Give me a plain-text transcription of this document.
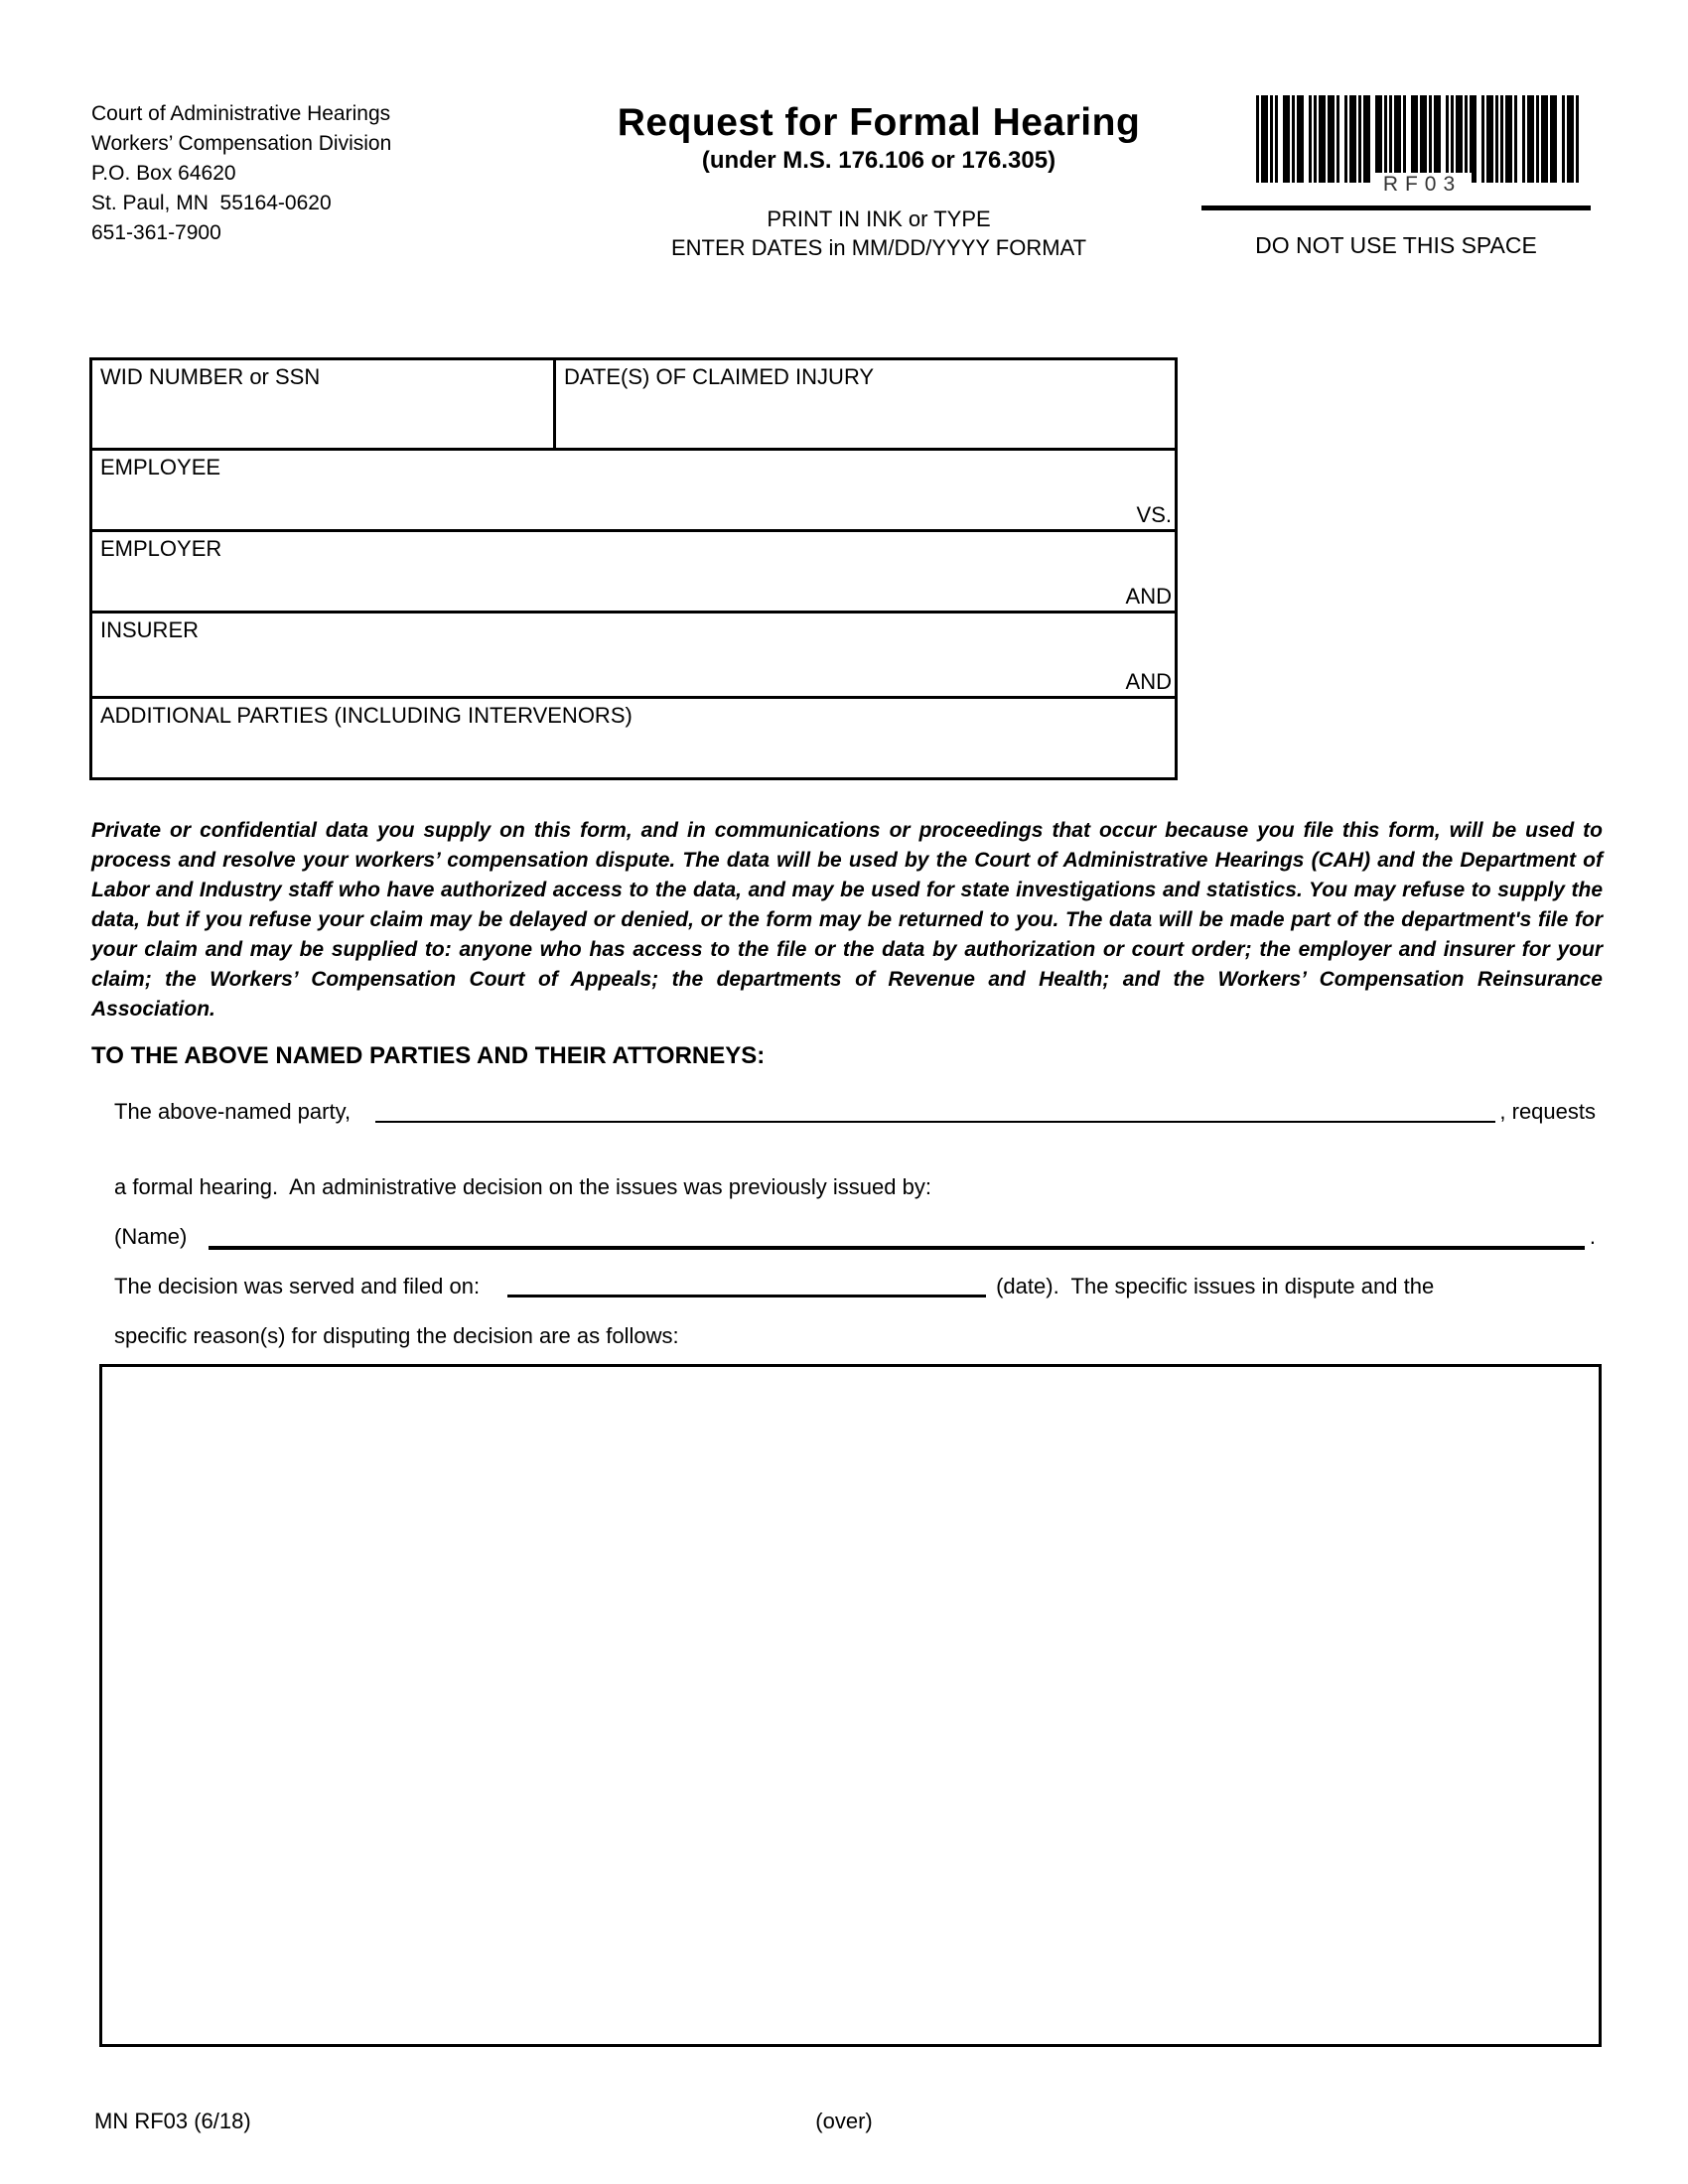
Court of Administrative Hearings
Workers’ Compensation Division
P.O. Box 64620
St. Paul, MN  55164-0620
651-361-7900
Request for Formal Hearing
(under M.S. 176.106 or 176.305)
PRINT IN INK or TYPE
ENTER DATES in MM/DD/YYYY FORMAT
RF03
DO NOT USE THIS SPACE
WID NUMBER or SSN	DATE(S) OF CLAIMED INJURY
EMPLOYEE
VS.
EMPLOYER
AND
INSURER
AND
ADDITIONAL PARTIES (INCLUDING INTERVENORS)
Private or confidential data you supply on this form, and in communications or proceedings that occur because you file this form, will be used to process and resolve your workers’ compensation dispute. The data will be used by the Court of Administrative Hearings (CAH) and the Department of Labor and Industry staff who have authorized access to the data, and may be used for state investigations and statistics. You may refuse to supply the data, but if you refuse your claim may be delayed or denied, or the form may be returned to you. The data will be made part of the department's file for your claim and may be supplied to: anyone who has access to the file or the data by authorization or court order; the employer and insurer for your claim; the Workers’ Compensation Court of Appeals; the departments of Revenue and Health; and the Workers’ Compensation Reinsurance Association.
TO THE ABOVE NAMED PARTIES AND THEIR ATTORNEYS:
The above-named party,	, requests
a formal hearing.  An administrative decision on the issues was previously issued by:
(Name)	.
The decision was served and filed on:	(date).  The specific issues in dispute and the
specific reason(s) for disputing the decision are as follows:
MN RF03 (6/18)	(over)
